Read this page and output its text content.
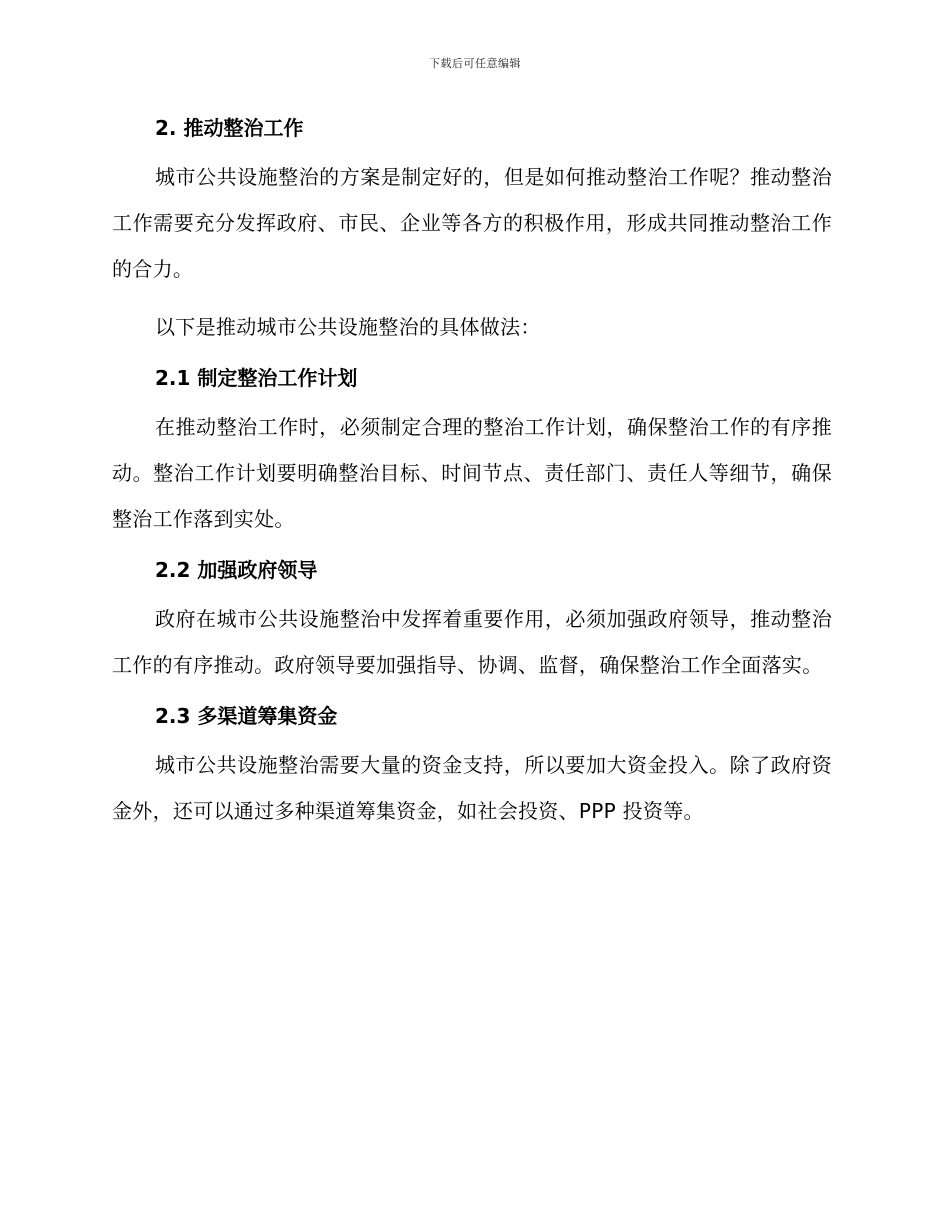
下载后可任意编辑
2. 推动整治工作

城市公共设施整治的方案是制定好的，但是如何推动整治工作呢？推动整治工作需要充分发挥政府、市民、企业等各方的积极作用，形成共同推动整治工作的合力。

以下是推动城市公共设施整治的具体做法：

2.1 制定整治工作计划

在推动整治工作时，必须制定合理的整治工作计划，确保整治工作的有序推动。整治工作计划要明确整治目标、时间节点、责任部门、责任人等细节，确保整治工作落到实处。

2.2 加强政府领导

政府在城市公共设施整治中发挥着重要作用，必须加强政府领导，推动整治工作的有序推动。政府领导要加强指导、协调、监督，确保整治工作全面落实。

2.3 多渠道筹集资金

城市公共设施整治需要大量的资金支持，所以要加大资金投入。除了政府资金外，还可以通过多种渠道筹集资金，如社会投资、PPP 投资等。
